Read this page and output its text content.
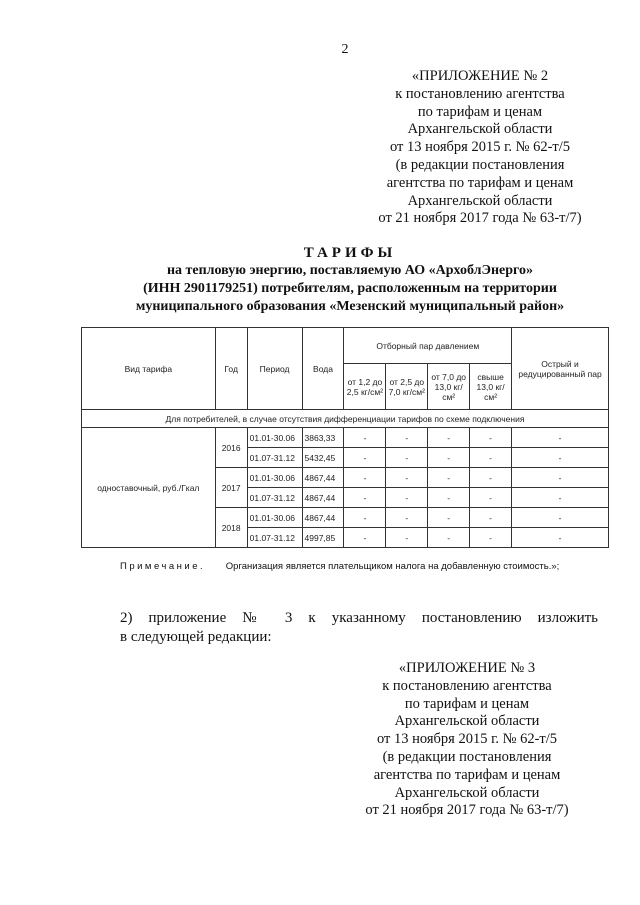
2
«ПРИЛОЖЕНИЕ № 2
к постановлению агентства
по тарифам и ценам
Архангельской области
от 13 ноября 2015 г. № 62-т/5
(в редакции постановления
агентства по тарифам и ценам
Архангельской области
от 21 ноября 2017 года № 63-т/7)
ТАРИФЫ
на тепловую энергию, поставляемую АО «АрхоблЭнерго»
(ИНН 2901179251) потребителям, расположенным на территории
муниципального образования «Мезенский муниципальный район»
Вид тарифа	Год	Период	Вода	Отборный пар давлением				Острый и редуцированный пар
				от 1,2 до 2,5 кг/см²	от 2,5 до 7,0 кг/см²	от 7,0 до 13,0 кг/см²	свыше 13,0 кг/см²	
Для потребителей, в случае отсутствия дифференциации тарифов по схеме подключения								
одноставочный, руб./Гкал	2016	01.01-30.06	3863,33	-	-	-	-	-
		01.07-31.12	5432,45	-	-	-	-	-
	2017	01.01-30.06	4867,44	-	-	-	-	-
		01.07-31.12	4867,44	-	-	-	-	-
	2018	01.01-30.06	4867,44	-	-	-	-	-
		01.07-31.12	4997,85	-	-	-	-	-
Примечание. Организация является плательщиком налога на добавленную стоимость.»;
2) приложение № 3 к указанному постановлению изложить
в следующей редакции:
«ПРИЛОЖЕНИЕ № 3
к постановлению агентства
по тарифам и ценам
Архангельской области
от 13 ноября 2015 г. № 62-т/5
(в редакции постановления
агентства по тарифам и ценам
Архангельской области
от 21 ноября 2017 года № 63-т/7)
